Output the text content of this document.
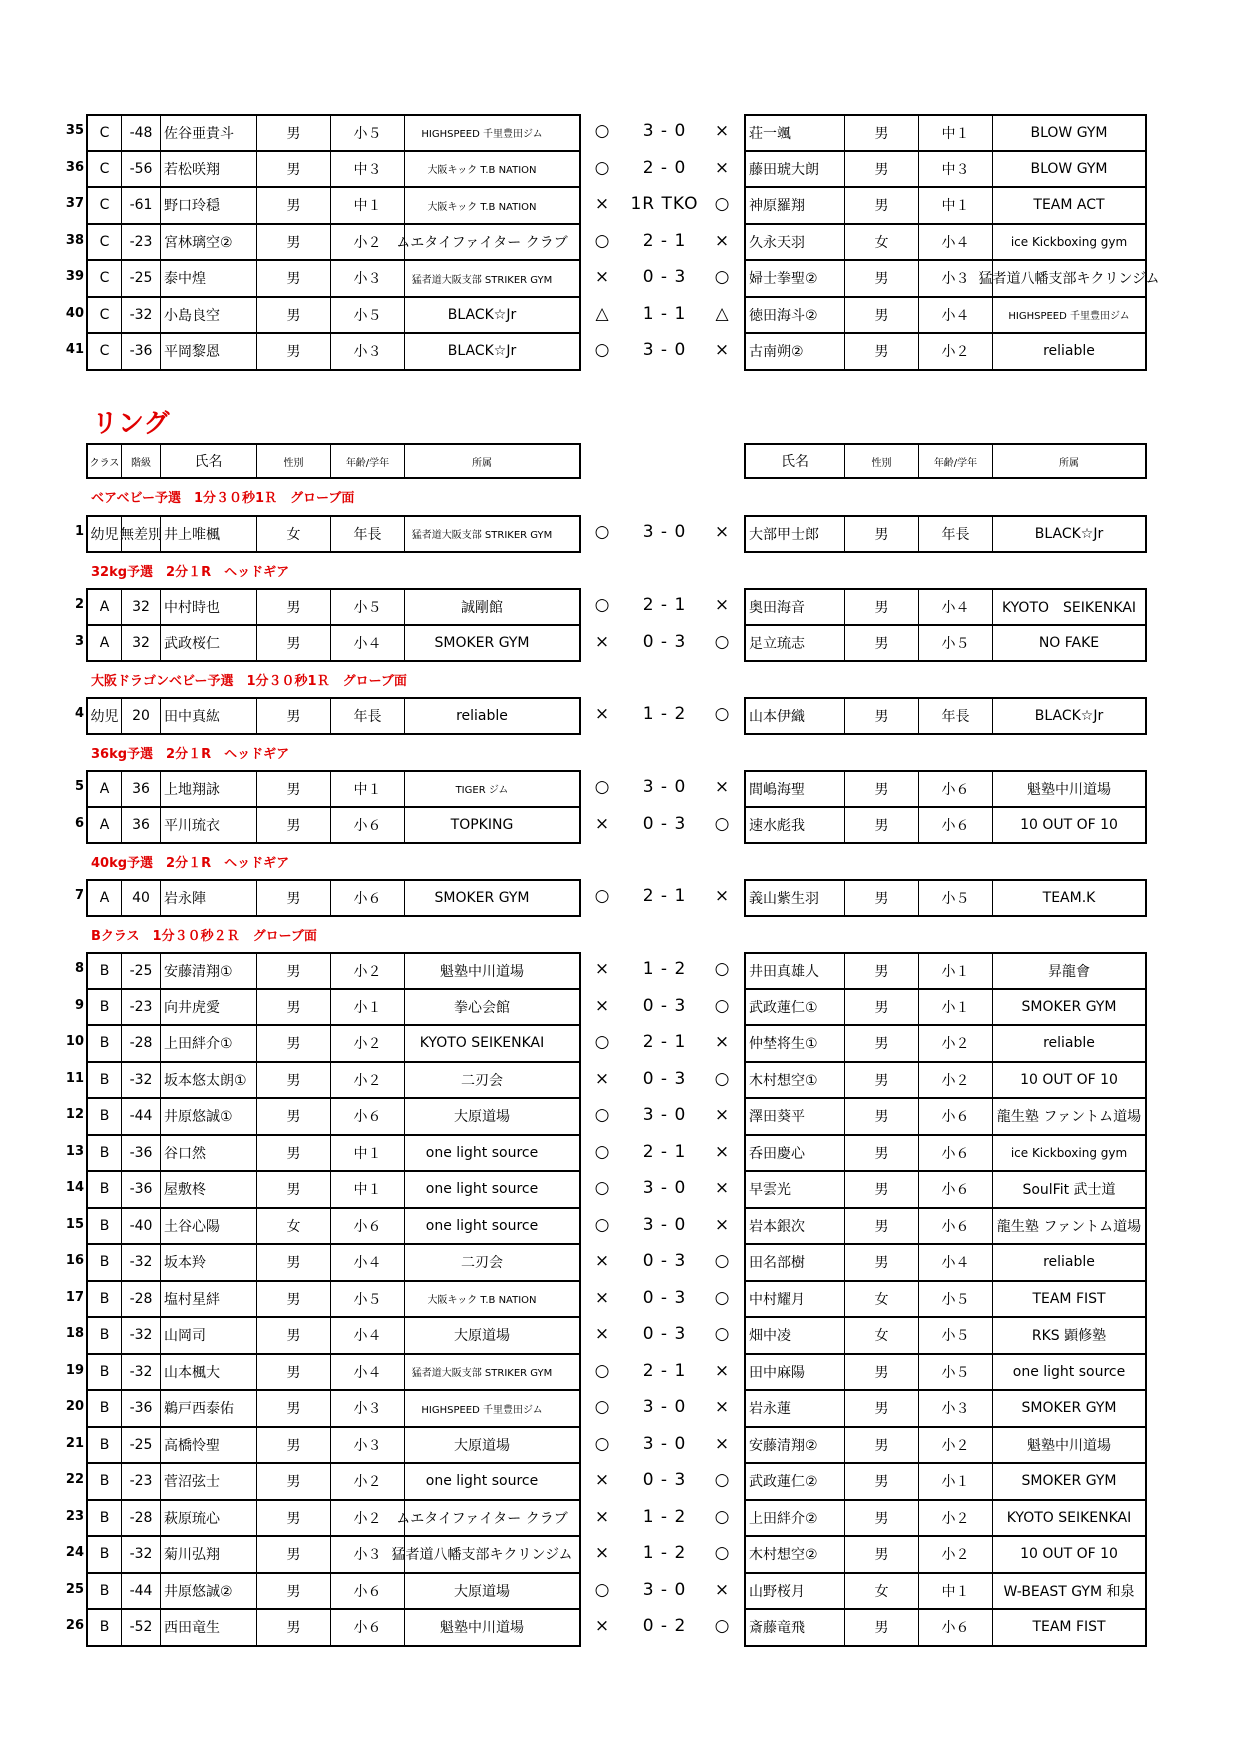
35	C	-48 佐谷亜貴斗	男	小５	HIGHSPEED 千里豊田ジム	○	3 - 0	×	荘一颯	男	中１	BLOW GYM
36	C	-56 若松咲翔	男	中３	大阪キック T.B NATION	○	2 - 0	×	藤田琥大朗	男	中３	BLOW GYM
37	C	-61 野口玲穏	男	中１	大阪キック T.B NATION	×	1R TKO ○	神原羅翔	男	中１	TEAM ACT
38	C	-23 宮林璃空②	男	小２	ムエタイファイター クラブ	○	2 - 1	×	久永天羽	女	小４	ice Kickboxing gym
39	C	-25 泰中煌	男	小３	猛者道大阪支部 STRIKER GYM	×	0 - 3	○	婦士拳聖②	男	小３ 猛者道八幡支部キクリンジム
40	C	-32 小島良空	男	小５	BLACK☆Jr	△	1 - 1	△	徳田海斗②	男	小４	HIGHSPEED 千里豊田ジム
41	C	-36 平岡黎恩	男	小３	BLACK☆Jr	○	3 - 0	×	古南朔②	男	小２	reliable
クラス	階級	氏名	性別	年齢/学年	所属	氏名	性別	年齢/学年	所属
ベアベビー予選　1分３０秒1Ｒ　グローブ面
1 幼児 無差別 井上唯楓	女	年長	猛者道大阪支部 STRIKER GYM	○	3 - 0	×	大部甲士郎	男	年長	BLACK☆Jr
32kg予選　2分１R　ヘッドギア
2	A	32	中村時也	男	小５	誠剛館	○	2 - 1	×	奥田海音	男	小４	KYOTO　SEIKENKAI
3	A	32	武政桜仁	男	小４	SMOKER GYM	×	0 - 3	○	足立琉志	男	小５	NO FAKE
大阪ドラゴンベビー予選　1分３０秒1Ｒ　グローブ面
4 幼児 20	田中真紘	男	年長	reliable	×	1 - 2	○	山本伊織	男	年長	BLACK☆Jr
36kg予選　2分１R　ヘッドギア
5	A	36	上地翔詠	男	中１	TIGER ジム	○	3 - 0	×	間嶋海聖	男	小６	魁塾中川道場
6	A	36	平川琉衣	男	小６	TOPKING	×	0 - 3	○	速水彪我	男	小６	10 OUT OF 10
40kg予選　2分１R　ヘッドギア
7	A	40	岩永陣	男	小６	SMOKER GYM	○	2 - 1	×	義山紫生羽	男	小５	TEAM.K
Bクラス　1分３０秒２Ｒ　グローブ面
8	B	-25 安藤清翔①	男	小２	魁塾中川道場	×	1 - 2	○	井田真雄人	男	小１	昇龍會
9	B	-23 向井虎愛	男	小１	拳心会館	×	0 - 3	○	武政蓮仁①	男	小１	SMOKER GYM
10	B	-28 上田絆介①	男	小２	KYOTO SEIKENKAI	○	2 - 1	×	仲埜将生①	男	小２	reliable
11	B	-32 坂本悠太朗①	男	小２	二刃会	×	0 - 3	○	木村想空①	男	小２	10 OUT OF 10
12	B	-44 井原悠誠①	男	小６	大原道場	○	3 - 0	×	澤田葵平	男	小６	龍生塾 ファントム道場
13	B	-36 谷口然	男	中１	one light source	○	2 - 1	×	呑田慶心	男	小６	ice Kickboxing gym
14	B	-36 屋敷柊	男	中１	one light source	○	3 - 0	×	早雲光	男	小６	SoulFit 武士道
15	B	-40 土谷心陽	女	小６	one light source	○	3 - 0	×	岩本銀次	男	小６	龍生塾 ファントム道場
16	B	-32 坂本羚	男	小４	二刃会	×	0 - 3	○	田名部樹	男	小４	reliable
17	B	-28 塩村星絆	男	小５	大阪キック T.B NATION	×	0 - 3	○	中村耀月	女	小５	TEAM FIST
18	B	-32 山岡司	男	小４	大原道場	×	0 - 3	○	畑中凌	女	小５	RKS 顕修塾
19	B	-32 山本楓大	男	小４	猛者道大阪支部 STRIKER GYM	○	2 - 1	×	田中麻陽	男	小５	one light source
20	B	-36 鵜戸西泰佑	男	小３	HIGHSPEED 千里豊田ジム	○	3 - 0	×	岩永蓮	男	小３	SMOKER GYM
21	B	-25 高橋怜聖	男	小３	大原道場	○	3 - 0	×	安藤清翔②	男	小２	魁塾中川道場
22	B	-23 菅沼弦士	男	小２	one light source	×	0 - 3	○	武政蓮仁②	男	小１	SMOKER GYM
23	B	-28 萩原琉心	男	小２	ムエタイファイター クラブ	×	1 - 2	○	上田絆介②	男	小２	KYOTO SEIKENKAI
24	B	-32 菊川弘翔	男	小３ 猛者道八幡支部キクリンジム	×	1 - 2	○	木村想空②	男	小２	10 OUT OF 10
25	B	-44 井原悠誠②	男	小６	大原道場	○	3 - 0	×	山野桜月	女	中１	W-BEAST GYM 和泉
26	B	-52 西田竜生	男	小６	魁塾中川道場	×	0 - 2	○	斎藤竜飛	男	小６	TEAM FIST
リング
